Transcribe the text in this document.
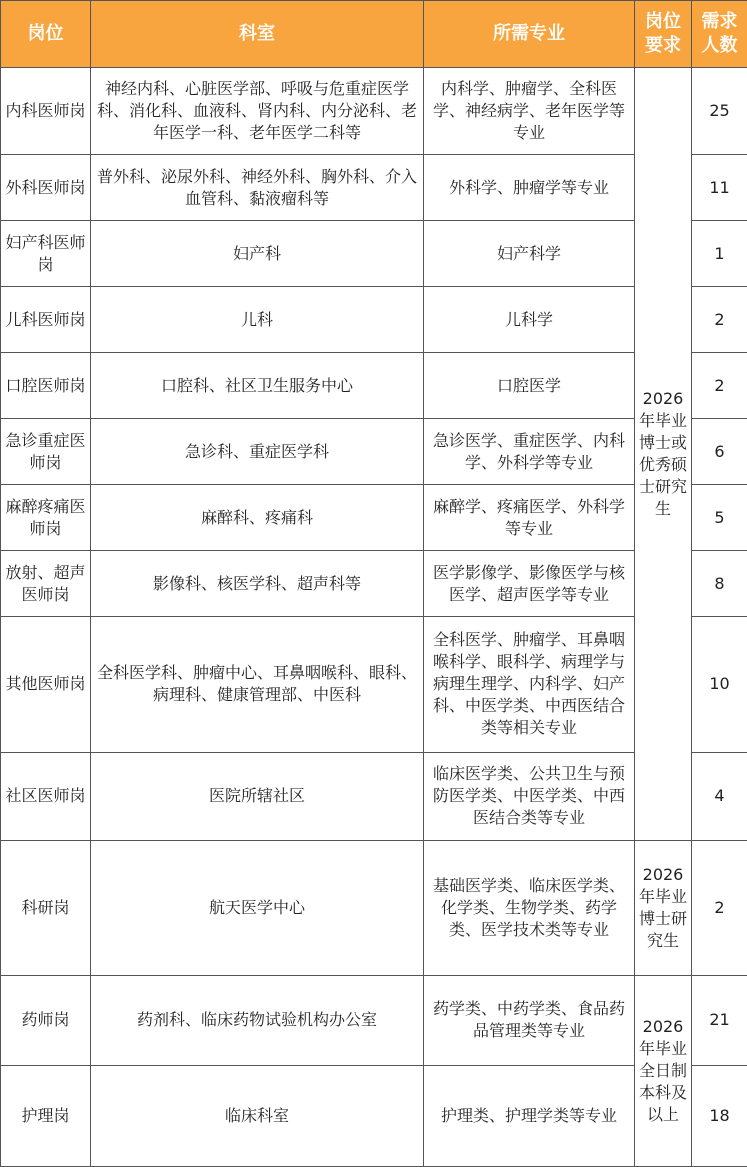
岗位	科室	所需专业	岗位要求	需求人数
内科医师岗	神经内科、心脏医学部、呼吸与危重症医学科、消化科、血液科、肾内科、内分泌科、老年医学一科、老年医学二科等	内科学、肿瘤学、全科医学、神经病学、老年医学等专业	2026年毕业博士或优秀硕士研究生	25
外科医师岗	普外科、泌尿外科、神经外科、胸外科、介入血管科、黏液瘤科等	外科学、肿瘤学等专业		11
妇产科医师岗	妇产科	妇产科学		1
儿科医师岗	儿科	儿科学		2
口腔医师岗	口腔科、社区卫生服务中心	口腔医学		2
急诊重症医师岗	急诊科、重症医学科	急诊医学、重症医学、内科学、外科学等专业		6
麻醉疼痛医师岗	麻醉科、疼痛科	麻醉学、疼痛医学、外科学等专业		5
放射、超声医师岗	影像科、核医学科、超声科等	医学影像学、影像医学与核医学、超声医学等专业		8
其他医师岗	全科医学科、肿瘤中心、耳鼻咽喉科、眼科、病理科、健康管理部、中医科	全科医学、肿瘤学、耳鼻咽喉科学、眼科学、病理学与病理生理学、内科学、妇产科、中医学类、中西医结合类等相关专业		10
社区医师岗	医院所辖社区	临床医学类、公共卫生与预防医学类、中医学类、中西医结合类等专业		4
科研岗	航天医学中心	基础医学类、临床医学类、化学类、生物学类、药学类、医学技术类等专业	2026年毕业博士研究生	2
药师岗	药剂科、临床药物试验机构办公室	药学类、中药学类、食品药品管理类等专业	2026年毕业全日制本科及以上	21
护理岗	临床科室	护理类、护理学类等专业		18
